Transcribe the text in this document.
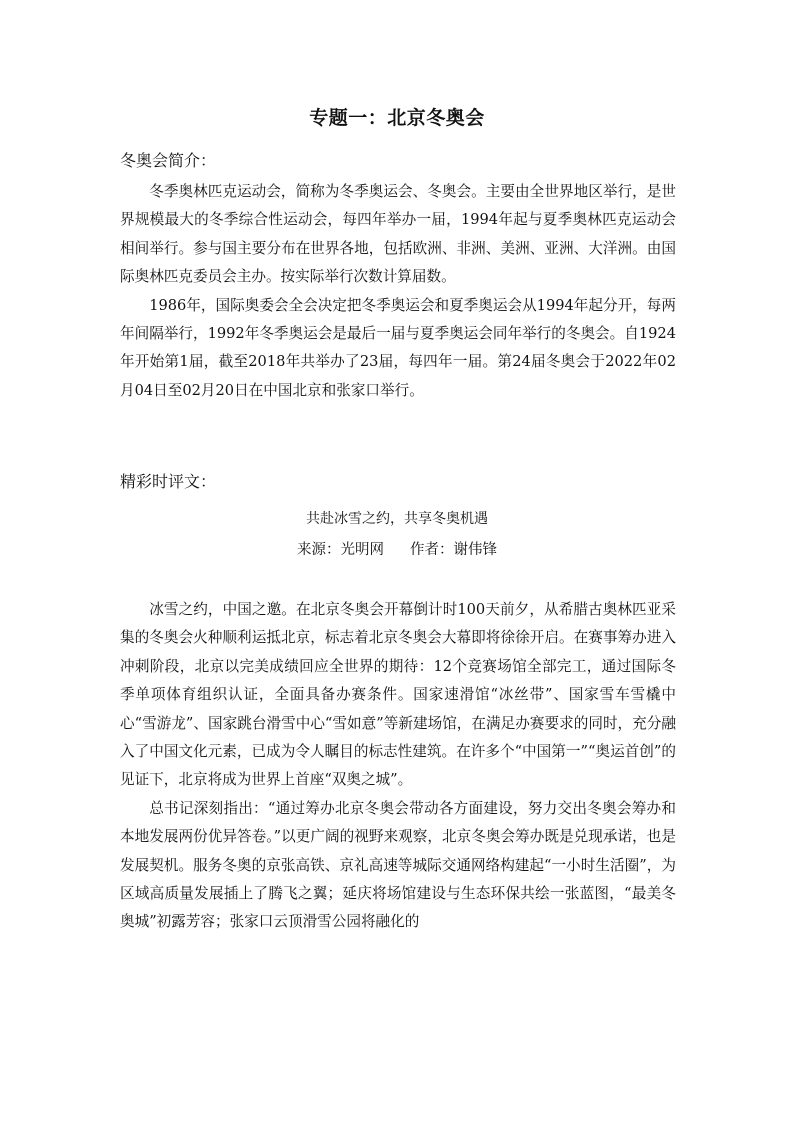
专题一：北京冬奥会
冬奥会简介：

冬季奥林匹克运动会，简称为冬季奥运会、冬奥会。主要由全世界地区举行，是世界规模最大的冬季综合性运动会，每四年举办一届，1994年起与夏季奥林匹克运动会相间举行。参与国主要分布在世界各地，包括欧洲、非洲、美洲、亚洲、大洋洲。由国际奥林匹克委员会主办。按实际举行次数计算届数。

1986年，国际奥委会全会决定把冬季奥运会和夏季奥运会从1994年起分开，每两年间隔举行，1992年冬季奥运会是最后一届与夏季奥运会同年举行的冬奥会。自1924年开始第1届，截至2018年共举办了23届，每四年一届。第24届冬奥会于2022年02月04日至02月20日在中国北京和张家口举行。

精彩时评文：
共赴冰雪之约，共享冬奥机遇
来源：光明网 作者：谢伟锋

冰雪之约，中国之邀。在北京冬奥会开幕倒计时100天前夕，从希腊古奥林匹亚采集的冬奥会火种顺利运抵北京，标志着北京冬奥会大幕即将徐徐开启。在赛事筹办进入冲刺阶段，北京以完美成绩回应全世界的期待：12个竞赛场馆全部完工，通过国际冬季单项体育组织认证，全面具备办赛条件。国家速滑馆“冰丝带”、国家雪车雪橇中心“雪游龙”、国家跳台滑雪中心“雪如意”等新建场馆，在满足办赛要求的同时，充分融入了中国文化元素，已成为令人瞩目的标志性建筑。在许多个“中国第一”“奥运首创”的见证下，北京将成为世界上首座“双奥之城”。

总书记深刻指出：“通过筹办北京冬奥会带动各方面建设，努力交出冬奥会筹办和本地发展两份优异答卷。”以更广阔的视野来观察，北京冬奥会筹办既是兑现承诺，也是发展契机。服务冬奥的京张高铁、京礼高速等城际交通网络构建起“一小时生活圈”，为区域高质量发展插上了腾飞之翼；延庆将场馆建设与生态环保共绘一张蓝图，“最美冬奥城”初露芳容；张家口云顶滑雪公园将融化的
